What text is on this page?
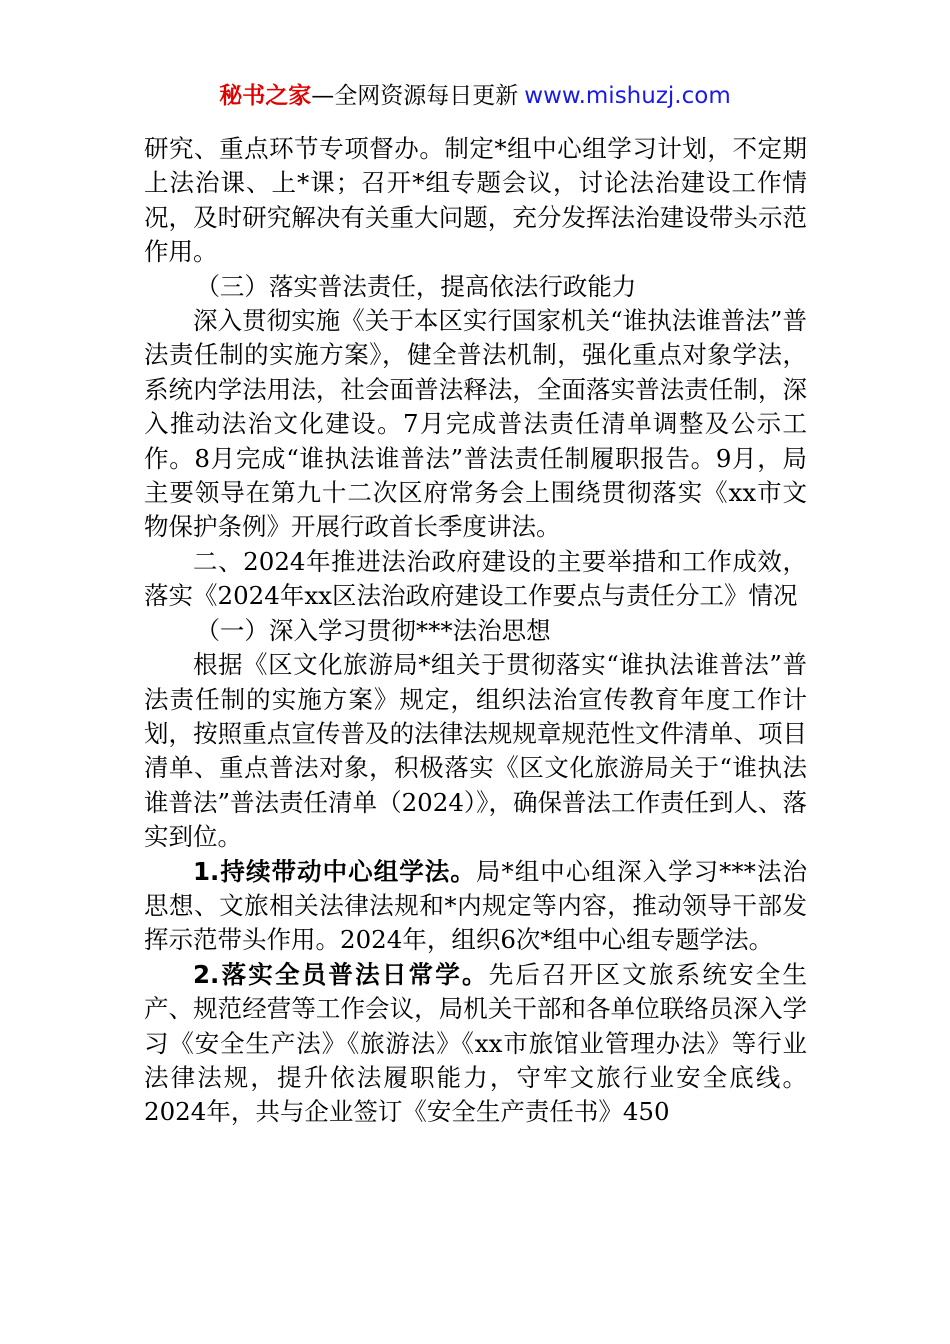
秘书之家—全网资源每日更新 www.mishuzj.com

研究、重点环节专项督办。制定*组中心组学习计划，不定期上法治课、上*课；召开*组专题会议，讨论法治建设工作情况，及时研究解决有关重大问题，充分发挥法治建设带头示范作用。

（三）落实普法责任，提高依法行政能力

深入贯彻实施《关于本区实行国家机关“谁执法谁普法”普法责任制的实施方案》，健全普法机制，强化重点对象学法，系统内学法用法，社会面普法释法，全面落实普法责任制，深入推动法治文化建设。7月完成普法责任清单调整及公示工作。8月完成“谁执法谁普法”普法责任制履职报告。9月，局主要领导在第九十二次区府常务会上围绕贯彻落实《xx市文物保护条例》开展行政首长季度讲法。

二、2024年推进法治政府建设的主要举措和工作成效，落实《2024年xx区法治政府建设工作要点与责任分工》情况

（一）深入学习贯彻***法治思想

根据《区文化旅游局*组关于贯彻落实“谁执法谁普法”普法责任制的实施方案》规定，组织法治宣传教育年度工作计划，按照重点宣传普及的法律法规规章规范性文件清单、项目清单、重点普法对象，积极落实《区文化旅游局关于“谁执法谁普法”普法责任清单（2024）》，确保普法工作责任到人、落实到位。

1.持续带动中心组学法。局*组中心组深入学习***法治思想、文旅相关法律法规和*内规定等内容，推动领导干部发挥示范带头作用。2024年，组织6次*组中心组专题学法。

2.落实全员普法日常学。先后召开区文旅系统安全生产、规范经营等工作会议，局机关干部和各单位联络员深入学习《安全生产法》《旅游法》《xx市旅馆业管理办法》等行业法律法规，提升依法履职能力，守牢文旅行业安全底线。2024年，共与企业签订《安全生产责任书》450
